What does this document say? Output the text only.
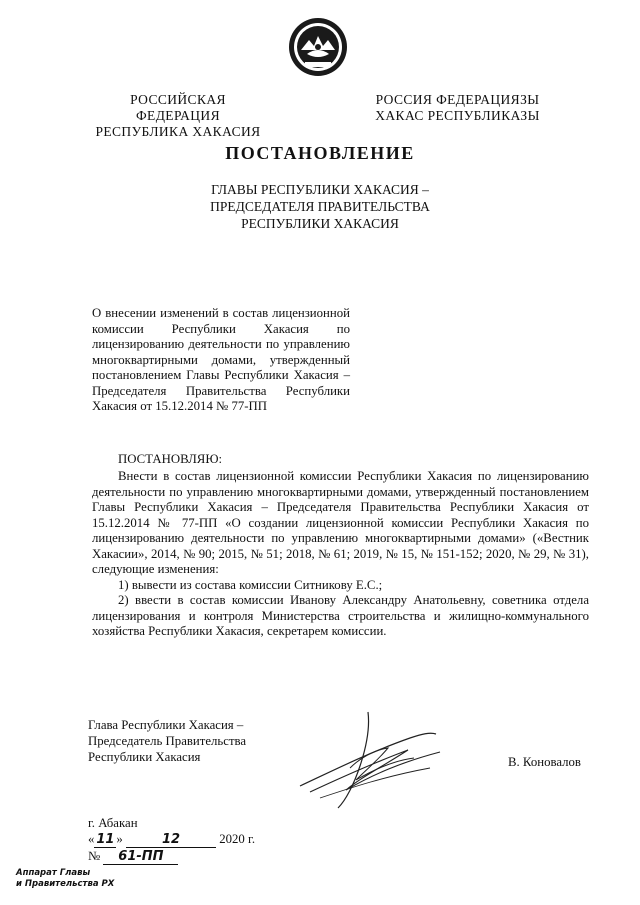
РОССИЙСКАЯ ФЕДЕРАЦИЯ
РЕСПУБЛИКА ХАКАСИЯ
РОССИЯ ФЕДЕРАЦИЯЗЫ
ХАКАС РЕСПУБЛИКАЗЫ
ПОСТАНОВЛЕНИЕ
ГЛАВЫ РЕСПУБЛИКИ ХАКАСИЯ –
ПРЕДСЕДАТЕЛЯ ПРАВИТЕЛЬСТВА
РЕСПУБЛИКИ ХАКАСИЯ
О внесении изменений в состав лицензионной комиссии Республики Хакасия по лицензированию деятельности по управлению многоквартирными домами, утвержденный постановлением Главы Республики Хакасия – Председателя Правительства Республики Хакасия от 15.12.2014 № 77-ПП
ПОСТАНОВЛЯЮ:

Внести в состав лицензионной комиссии Республики Хакасия по лицензированию деятельности по управлению многоквартирными домами, утвержденный постановлением Главы Республики Хакасия – Председателя Правительства Республики Хакасия от 15.12.2014 № 77-ПП «О создании лицензионной комиссии Республики Хакасия по лицензированию деятельности по управлению многоквартирными домами» («Вестник Хакасии», 2014, № 90; 2015, № 51; 2018, № 61; 2019, № 15, № 151-152; 2020, № 29, № 31), следующие изменения:

1) вывести из состава комиссии Ситникову Е.С.;

2) ввести в состав комиссии Иванову Александру Анатольевну, советника отдела лицензирования и контроля Министерства строительства и жилищно-коммунального хозяйства Республики Хакасия, секретарем комиссии.

Глава Республики Хакасия –
Председатель Правительства
Республики Хакасия	В. Коновалов
г. Абакан
« 11 »	12	2020 г.
№ 61-ПП
Аппарат Главы
и Правительства РХ
